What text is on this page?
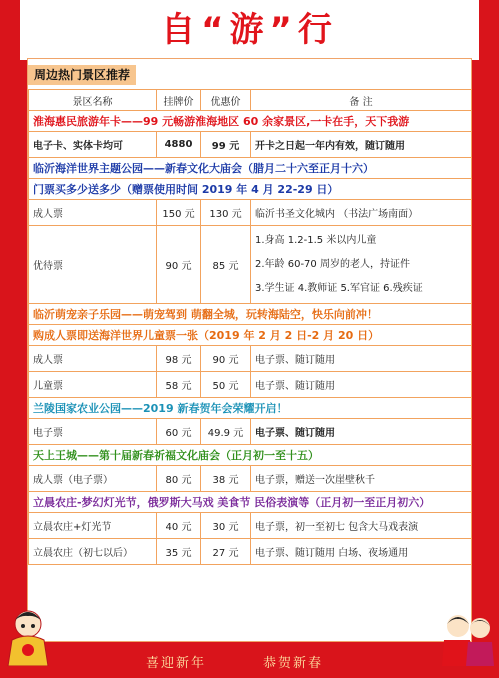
自“游”行
周边热门景区推荐
景区名称	挂牌价	优惠价	备 注
淮海惠民旅游年卡——99 元畅游淮海地区 60 余家景区,一卡在手，天下我游			
电子卡、实体卡均可	4880	99 元	开卡之日起一年内有效，随订随用
临沂海洋世界主题公园——新春文化大庙会（腊月二十六至正月十六）			
门票买多少送多少（赠票使用时间 2019 年 4 月 22-29 日）			
成人票	150 元	130 元	临沂书圣文化城内 （书法广场南面）
优待票	90 元	85 元	1.身高 1.2-1.5 米以内儿童
2.年龄 60-70 周岁的老人，持证件
3.学生证 4.教师证 5.军官证 6.残疾证

临沂萌宠亲子乐园——萌宠驾到 萌翻全城，玩转海陆空，快乐向前冲！			
购成人票即送海洋世界儿童票一张（2019 年 2 月 2 日-2 月 20 日）			
成人票	98 元	90 元	电子票、随订随用
儿童票	58 元	50 元	电子票、随订随用
兰陵国家农业公园——2019 新春贺年会荣耀开启！			
电子票	60 元	49.9 元	电子票、随订随用
天上王城——第十届新春祈福文化庙会（正月初一至十五）			
成人票（电子票）	80 元	38 元	电子票，赠送一次崖壁秋千
立晨农庄-梦幻灯光节，俄罗斯大马戏 美食节 民俗表演等（正月初一至正月初六）			
立晨农庄+灯光节	40 元	30 元	电子票，初一至初七 包含大马戏表演
立晨农庄（初七以后）	35 元	27 元	电子票、随订随用 白场、夜场通用
喜迎新年	恭贺新春
